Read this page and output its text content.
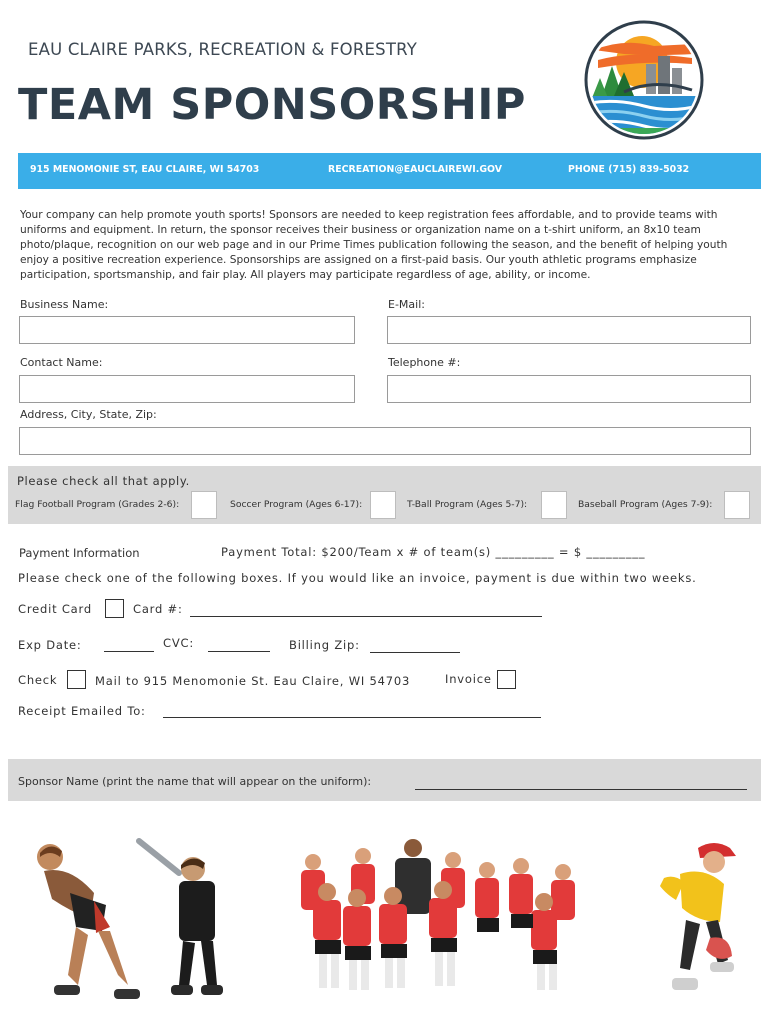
EAU CLAIRE PARKS, RECREATION & FORESTRY
TEAM SPONSORSHIP
915 MENOMONIE ST, EAU CLAIRE, WI 54703	RECREATION@EAUCLAIREWI.GOV	PHONE (715) 839-5032
Your company can help promote youth sports! Sponsors are needed to keep registration fees affordable, and to provide teams with uniforms and equipment. In return, the sponsor receives their business or organization name on a t-shirt uniform, an 8x10 team photo/plaque, recognition on our web page and in our Prime Times publication following the season, and the benefit of helping youth enjoy a positive recreation experience. Sponsorships are assigned on a first-paid basis. Our youth athletic programs emphasize participation, sportsmanship, and fair play. All players may participate regardless of age, ability, or income.
Business Name:	E-Mail:
Contact Name:	Telephone #:
Address, City, State, Zip:
Please check all that apply.
Flag Football Program (Grades 2-6):	Soccer Program (Ages 6-17):	T-Ball Program (Ages 5-7):	Baseball Program (Ages 7-9):
Payment Information	Payment Total: $200/Team x # of team(s) _________ = $ _________
Please check one of the following boxes. If you would like an invoice, payment is due within two weeks.
Credit Card	Card #:
Exp Date:	CVC:	Billing Zip:
Check	Mail to 915 Menomonie St. Eau Claire, WI 54703	Invoice
Receipt Emailed To:
Sponsor Name (print the name that will appear on the uniform):
